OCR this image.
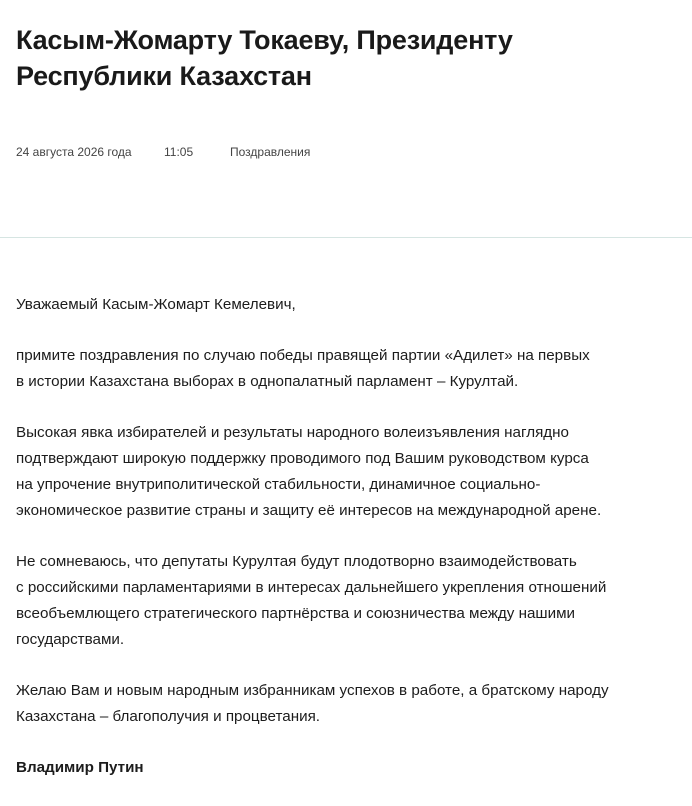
Касым-Жомарту Токаеву, Президенту Республики Казахстан
24 августа 2026 года	11:05	Поздравления

Уважаемый Касым-Жомарт Кемелевич,

примите поздравления по случаю победы правящей партии «Адилет» на первых
в истории Казахстана выборах в однопалатный парламент – Курултай.

Высокая явка избирателей и результаты народного волеизъявления наглядно
подтверждают широкую поддержку проводимого под Вашим руководством курса
на упрочение внутриполитической стабильности, динамичное социально-
экономическое развитие страны и защиту её интересов на международной арене.

Не сомневаюсь, что депутаты Курултая будут плодотворно взаимодействовать
с российскими парламентариями в интересах дальнейшего укрепления отношений
всеобъемлющего стратегического партнёрства и союзничества между нашими
государствами.

Желаю Вам и новым народным избранникам успехов в работе, а братскому народу
Казахстана – благополучия и процветания.

Владимир Путин
